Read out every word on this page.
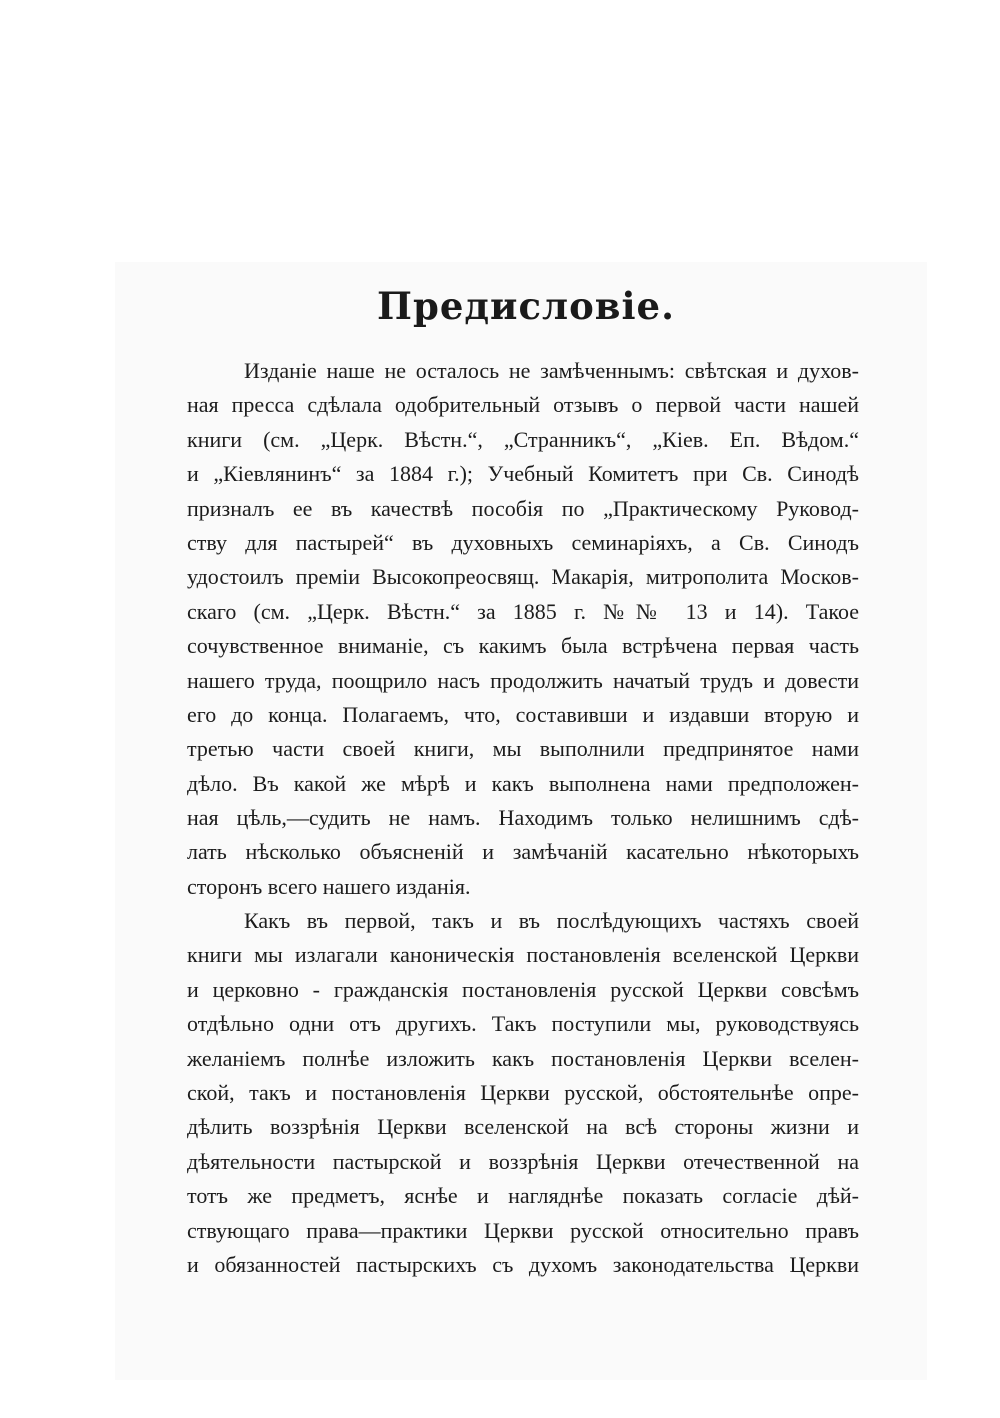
Предисловіе.
Изданіе наше не осталось не замѣченнымъ: свѣтская и духов-
ная пресса сдѣлала одобрительный отзывъ о первой части нашей
книги (см. „Церк. Вѣстн.“, „Странникъ“, „Кіев. Еп. Вѣдом.“
и „Кіевлянинъ“ за 1884 г.); Учебный Комитетъ при Св. Синодѣ
призналъ ее въ качествѣ пособія по „Практическому Руковод-
ству для пастырей“ въ духовныхъ семинаріяхъ, а Св. Синодъ
удостоилъ преміи Высокопреосвящ. Макарія, митрополита Москов-
скаго (см. „Церк. Вѣстн.“ за 1885 г. №№ 13 и 14). Такое
сочувственное вниманіе, съ какимъ была встрѣчена первая часть
нашего труда, поощрило насъ продолжить начатый трудъ и довести
его до конца. Полагаемъ, что, составивши и издавши вторую и
третью части своей книги, мы выполнили предпринятое нами
дѣло. Въ какой же мѣрѣ и какъ выполнена нами предположен-
ная цѣль,—судить не намъ. Находимъ только нелишнимъ сдѣ-
лать нѣсколько объясненій и замѣчаній касательно нѣкоторыхъ
сторонъ всего нашего изданія.
Какъ въ первой, такъ и въ послѣдующихъ частяхъ своей
книги мы излагали каноническія постановленія вселенской Церкви
и церковно - гражданскія постановленія русской Церкви совсѣмъ
отдѣльно одни отъ другихъ. Такъ поступили мы, руководствуясь
желаніемъ полнѣе изложить какъ постановленія Церкви вселен-
ской, такъ и постановленія Церкви русской, обстоятельнѣе опре-
дѣлить воззрѣнія Церкви вселенской на всѣ стороны жизни и
дѣятельности пастырской и воззрѣнія Церкви отечественной на
тотъ же предметъ, яснѣе и нагляднѣе показать согласіе дѣй-
ствующаго права—практики Церкви русской относительно правъ
и обязанностей пастырскихъ съ духомъ законодательства Церкви
